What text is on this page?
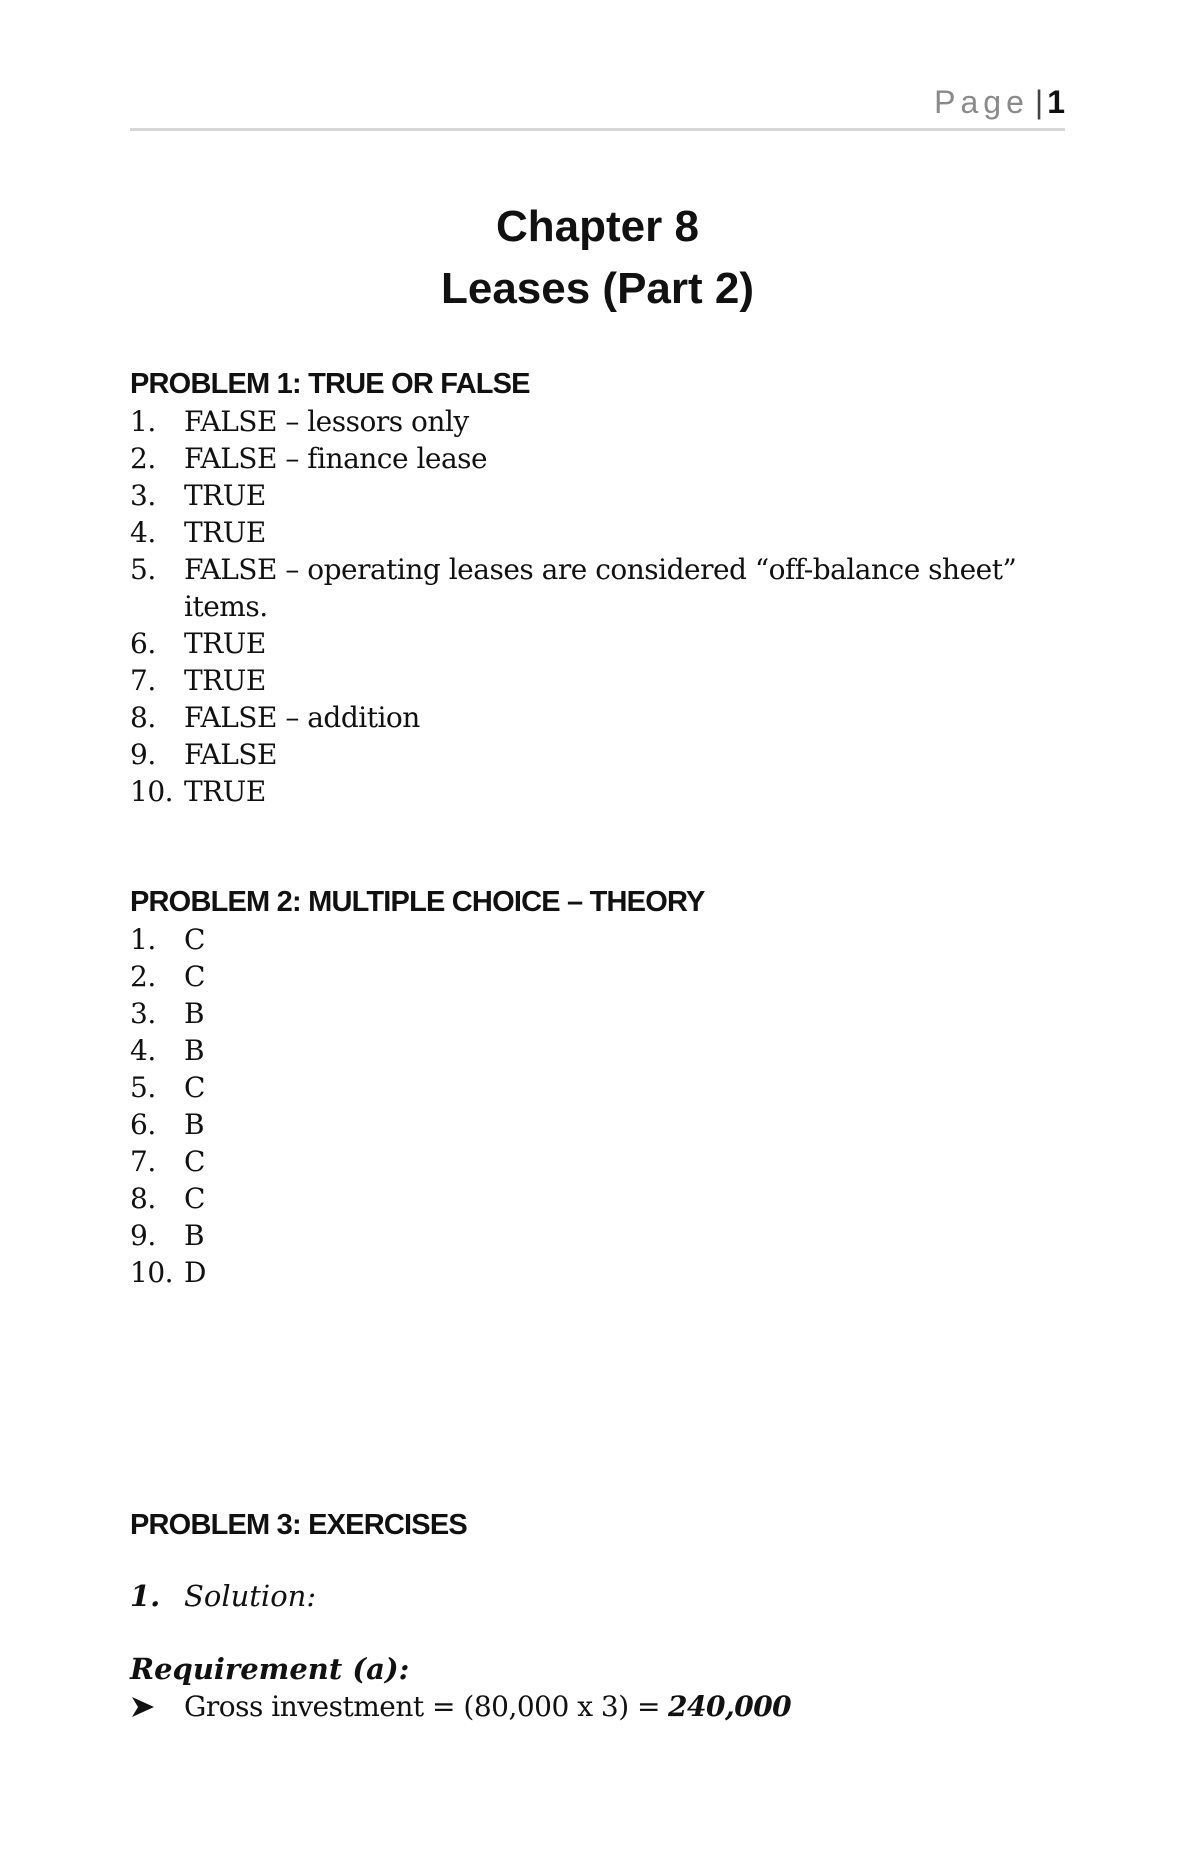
Page | 1
Chapter 8
Leases (Part 2)
PROBLEM 1: TRUE OR FALSE
1.	FALSE – lessors only
2.	FALSE – finance lease
3.	TRUE
4.	TRUE
5.	FALSE – operating leases are considered “off-balance sheet” items.
6.	TRUE
7.	TRUE
8.	FALSE – addition
9.	FALSE
10. TRUE
PROBLEM 2: MULTIPLE CHOICE – THEORY
1.	C
2.	C
3.	B
4.	B
5.	C
6.	B
7.	C
8.	C
9.	B
10. D
PROBLEM 3: EXERCISES
1. Solution:
Requirement (a):
Gross investment = (80,000 x 3) = 240,000
